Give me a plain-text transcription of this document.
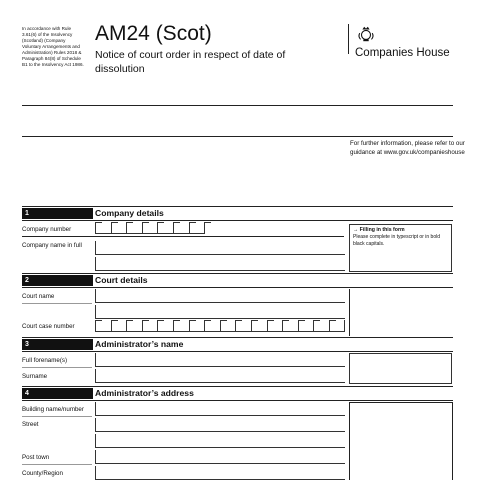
In accordance with Rule 3.61(6) of the Insolvency (Scotland) (Company Voluntary Arrangements and Administration) Rules 2018 & Paragraph 84(8) of Schedule B1 to the Insolvency Act 1986.
AM24 (Scot)
Notice of court order in respect of date of dissolution
Companies House
For further information, please refer to our guidance at www.gov.uk/companieshouse
1	Company details
Company number
Company name in full
→ Filling in this form
Please complete in typescript or in bold black capitals.
2	Court details
Court name
Court case number
3	Administrator’s name
Full forename(s)
Surname
4	Administrator’s address
Building name/number
Street
Post town
County/Region
